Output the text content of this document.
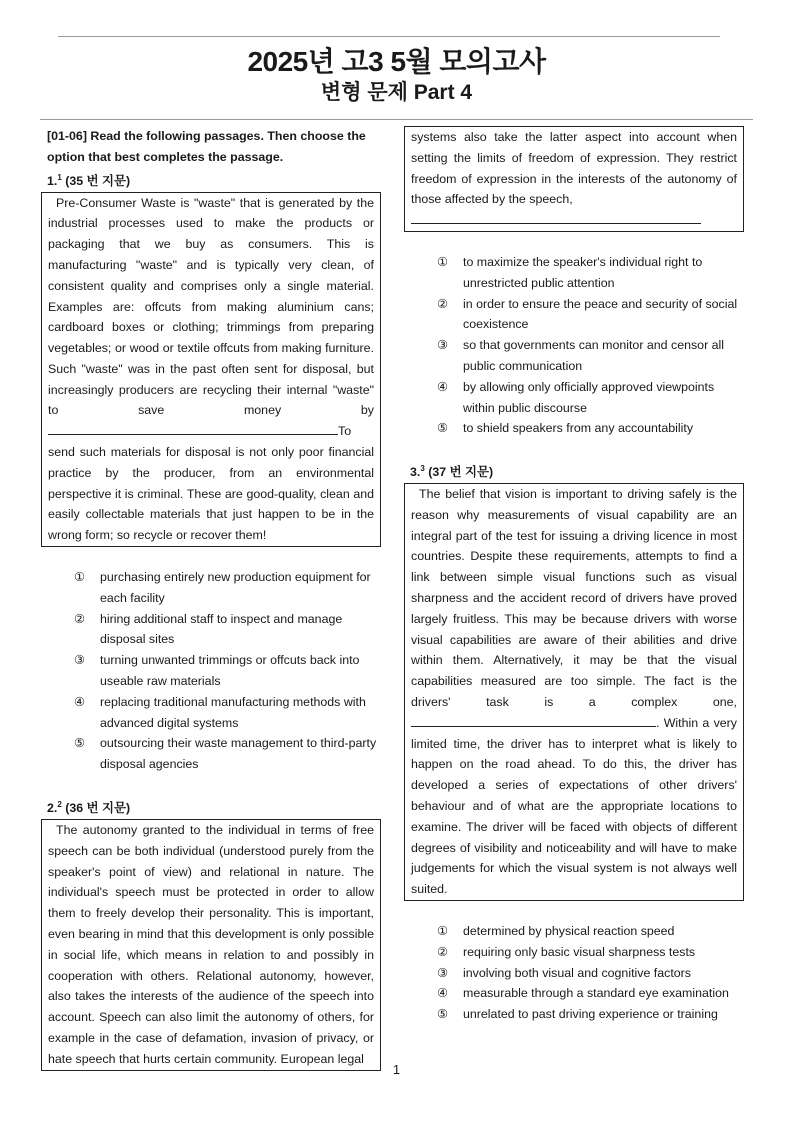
2025년 고3 5월 모의고사
변형 문제 Part 4
[01-06] Read the following passages. Then choose the option that best completes the passage.
1.$^1$ (35 번 지문)

Pre-Consumer Waste is "waste" that is generated by the industrial processes used to make the products or packaging that we buy as consumers. This is manufacturing "waste" and is typically very clean, of consistent quality and comprises only a single material. Examples are: offcuts from making aluminium cans; cardboard boxes or clothing; trimmings from preparing vegetables; or wood or textile offcuts from making furniture. Such "waste" was in the past often sent for disposal, but increasingly producers are recycling their internal "waste" to save money by To send such materials for disposal is not only poor financial practice by the producer, from an environmental perspective it is criminal. These are good-quality, clean and easily collectable materials that just happen to be in the wrong form; so recycle or recover them!

① purchasing entirely new production equipment for each facility
② hiring additional staff to inspect and manage disposal sites
③ turning unwanted trimmings or offcuts back into useable raw materials
④ replacing traditional manufacturing methods with advanced digital systems
⑤ outsourcing their waste management to third-party disposal agencies
2.$^2$ (36 번 지문)

The autonomy granted to the individual in terms of free speech can be both individual (understood purely from the speaker's point of view) and relational in nature. The individual's speech must be protected in order to allow them to freely develop their personality. This is important, even bearing in mind that this development is only possible in social life, which means in relation to and possibly in cooperation with others. Relational autonomy, however, also takes the interests of the audience of the speech into account. Speech can also limit the autonomy of others, for example in the case of defamation, invasion of privacy, or hate speech that hurts certain community. European legal

systems also take the latter aspect into account when setting the limits of freedom of expression. They restrict freedom of expression in the interests of the autonomy of those affected by the speech,

① to maximize the speaker's individual right to unrestricted public attention
② in order to ensure the peace and security of social coexistence
③ so that governments can monitor and censor all public communication
④ by allowing only officially approved viewpoints within public discourse
⑤ to shield speakers from any accountability
3.$^3$ (37 번 지문)

The belief that vision is important to driving safely is the reason why measurements of visual capability are an integral part of the test for issuing a driving licence in most countries. Despite these requirements, attempts to find a link between simple visual functions such as visual sharpness and the accident record of drivers have proved largely fruitless. This may be because drivers with worse visual capabilities are aware of their abilities and drive within them. Alternatively, it may be that the visual capabilities measured are too simple. The fact is the drivers' task is a complex one, . Within a very limited time, the driver has to interpret what is likely to happen on the road ahead. To do this, the driver has developed a series of expectations of other drivers' behaviour and of what are the appropriate locations to examine. The driver will be faced with objects of different degrees of visibility and noticeability and will have to make judgements for which the visual system is not always well suited.

① determined by physical reaction speed
② requiring only basic visual sharpness tests
③ involving both visual and cognitive factors
④ measurable through a standard eye examination
⑤ unrelated to past driving experience or training
1
